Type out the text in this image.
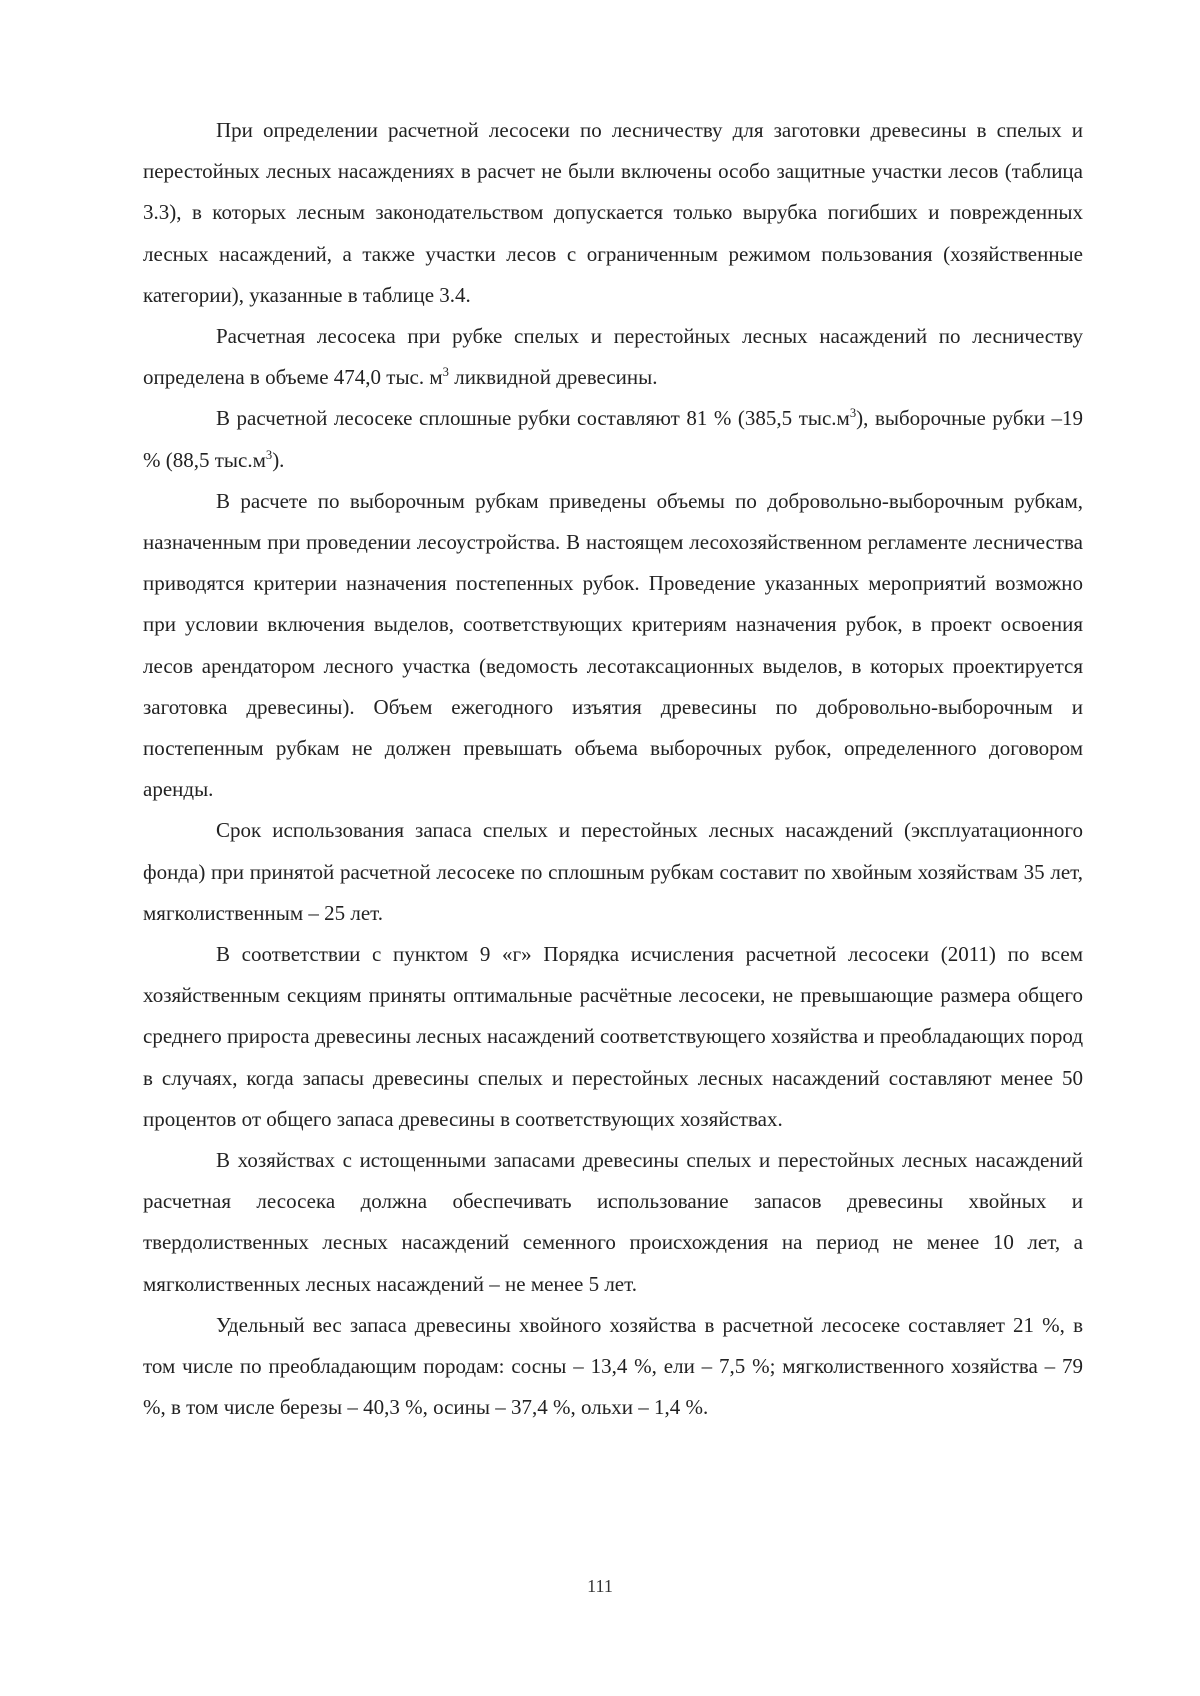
При определении расчетной лесосеки по лесничеству для заготовки древесины в спелых и перестойных лесных насаждениях в расчет не были включены особо защитные участки лесов (таблица 3.3), в которых лесным законодательством допускается только вырубка погибших и поврежденных лесных насаждений, а также участки лесов с ограниченным режимом пользования (хозяйственные категории), указанные в таблице 3.4.

Расчетная лесосека при рубке спелых и перестойных лесных насаждений по лесничеству определена в объеме 474,0 тыс. $м^3$ ликвидной древесины.

В расчетной лесосеке сплошные рубки составляют 81 % (385,5 $тыс.м^3$), выборочные рубки –19 % (88,5 $тыс.м^3$).

В расчете по выборочным рубкам приведены объемы по добровольно-выборочным рубкам, назначенным при проведении лесоустройства. В настоящем лесохозяйственном регламенте лесничества приводятся критерии назначения постепенных рубок. Проведение указанных мероприятий возможно при условии включения выделов, соответствующих критериям назначения рубок, в проект освоения лесов арендатором лесного участка (ведомость лесотаксационных выделов, в которых проектируется заготовка древесины). Объем ежегодного изъятия древесины по добровольно-выборочным и постепенным рубкам не должен превышать объема выборочных рубок, определенного договором аренды.

Срок использования запаса спелых и перестойных лесных насаждений (эксплуатационного фонда) при принятой расчетной лесосеке по сплошным рубкам составит по хвойным хозяйствам 35 лет, мягколиственным – 25 лет.

В соответствии с пунктом 9 «г» Порядка исчисления расчетной лесосеки (2011) по всем хозяйственным секциям приняты оптимальные расчётные лесосеки, не превышающие размера общего среднего прироста древесины лесных насаждений соответствующего хозяйства и преобладающих пород в случаях, когда запасы древесины спелых и перестойных лесных насаждений составляют менее 50 процентов от общего запаса древесины в соответствующих хозяйствах.

В хозяйствах с истощенными запасами древесины спелых и перестойных лесных насаждений расчетная лесосека должна обеспечивать использование запасов древесины хвойных и твердолиственных лесных насаждений семенного происхождения на период не менее 10 лет, а мягколиственных лесных насаждений – не менее 5 лет.

Удельный вес запаса древесины хвойного хозяйства в расчетной лесосеке составляет 21 %, в том числе по преобладающим породам: сосны – 13,4 %, ели – 7,5 %; мягколиственного хозяйства – 79 %, в том числе березы – 40,3 %, осины – 37,4 %, ольхи – 1,4 %.

111
